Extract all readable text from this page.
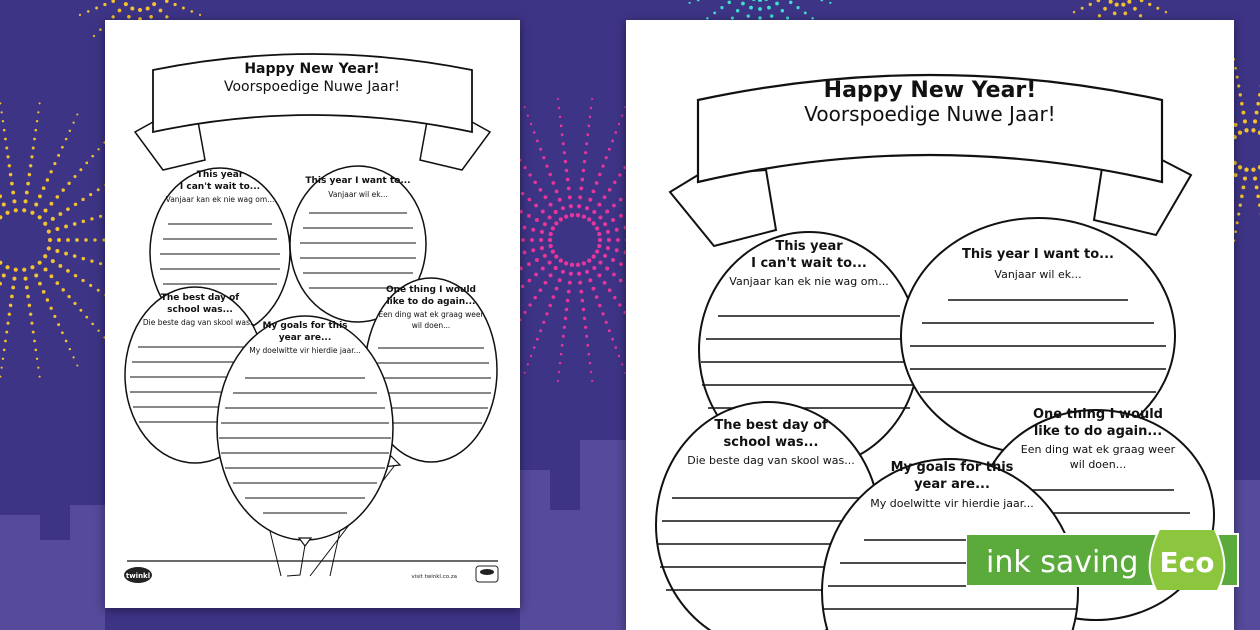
Happy New Year!
Voorspoedige Nuwe Jaar!
This year
I can't wait to...
Vanjaar kan ek nie wag om...
This year I want to...
Vanjaar wil ek...
The best day of
school was...
Die beste dag van skool was...
One thing I would
like to do again...
Een ding wat ek graag weer
wil doen...
My goals for this
year are...
My doelwitte vir hierdie jaar...
twinkl	visit twinkl.co.za
Happy New Year!
Voorspoedige Nuwe Jaar!
This year
I can't wait to...
Vanjaar kan ek nie wag om...
This year I want to...
Vanjaar wil ek...
The best day of
school was...
Die beste dag van skool was...
One thing I would
like to do again...
Een ding wat ek graag weer
wil doen...
My goals for this
year are...
My doelwitte vir hierdie jaar...
ink saving Eco
